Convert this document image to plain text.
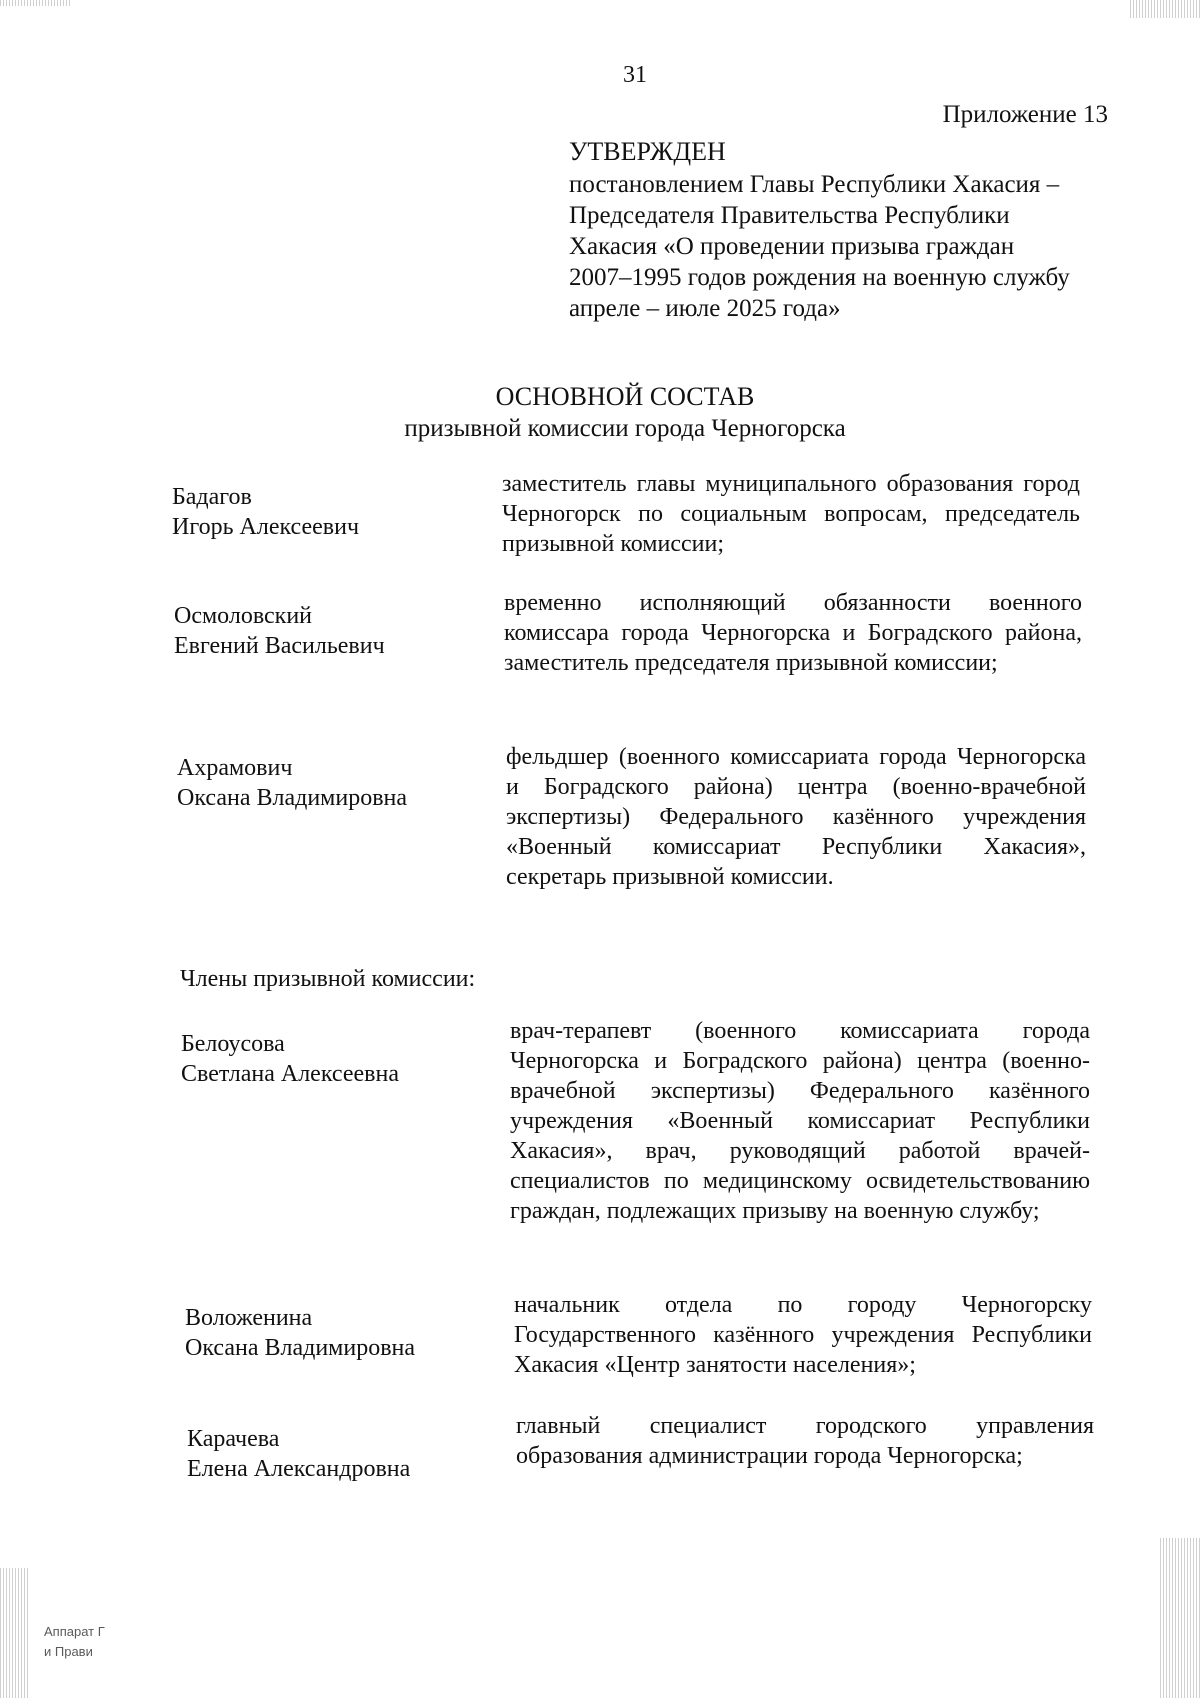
31
Приложение 13
УТВЕРЖДЕН
постановлением Главы Республики Хакасия –
Председателя Правительства Республики
Хакасия «О проведении призыва граждан
2007–1995 годов рождения на военную службу
апреле – июле 2025 года»
ОСНОВНОЙ СОСТАВ
призывной комиссии города Черногорска
Бадагов
Игорь Алексеевич
заместитель главы муниципального образования город Черногорск по социальным вопросам, председатель призывной комиссии;
Осмоловский
Евгений Васильевич
временно исполняющий обязанности военного комиссара города Черногорска и Боградского района, заместитель председателя призывной комиссии;
Ахрамович
Оксана Владимировна
фельдшер (военного комиссариата города Черногорска и Боградского района) центра (военно-врачебной экспертизы) Федерального казённого учреждения «Военный комиссариат Республики Хакасия», секретарь призывной комиссии.
Члены призывной комиссии:
Белоусова
Светлана Алексеевна
врач-терапевт (военного комиссариата города Черногорска и Боградского района) центра (военно-врачебной экспертизы) Федерального казённого учреждения «Военный комиссариат Республики Хакасия», врач, руководящий работой врачей-специалистов по медицинскому освидетельствованию граждан, подлежащих призыву на военную службу;
Воложенина
Оксана Владимировна
начальник отдела по городу Черногорску Государственного казённого учреждения Республики Хакасия «Центр занятости населения»;
Карачева
Елена Александровна
главный специалист городского управления образования администрации города Черногорска;
Аппарат Г
и Прави
